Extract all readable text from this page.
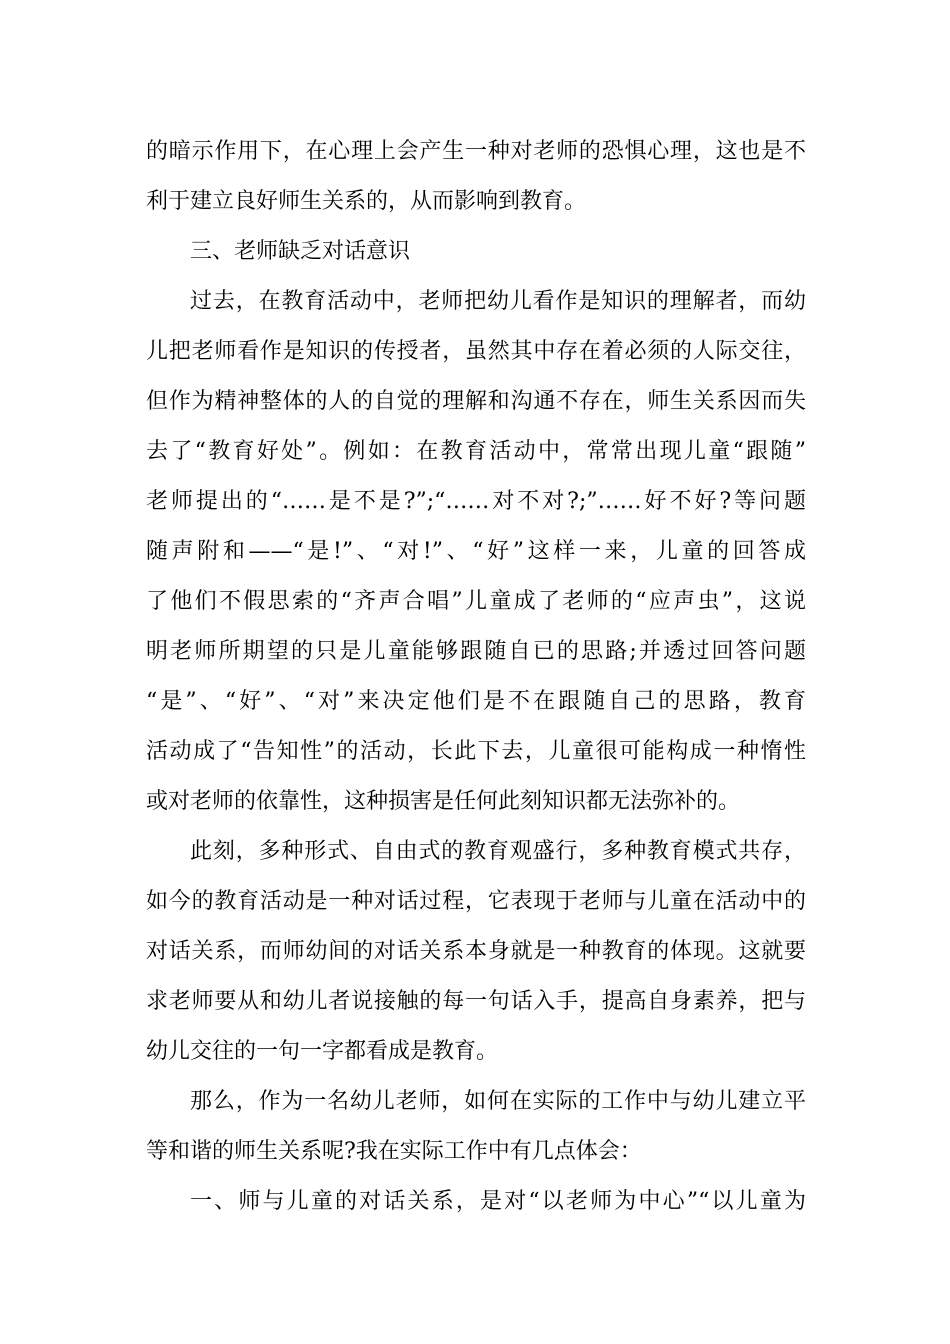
的暗示作用下，在心理上会产生一种对老师的恐惧心理，这也是不
利于建立良好师生关系的，从而影响到教育。
三、老师缺乏对话意识
过去，在教育活动中，老师把幼儿看作是知识的理解者，而幼
儿把老师看作是知识的传授者，虽然其中存在着必须的人际交往，
但作为精神整体的人的自觉的理解和沟通不存在，师生关系因而失
去了“教育好处”。例如：在教育活动中，常常出现儿童“跟随”
老师提出的“……是不是?”;“……对不对?;”……好不好?等问题
随声附和——“是!”、“对!”、“好”这样一来，儿童的回答成
了他们不假思索的“齐声合唱”儿童成了老师的“应声虫”，这说
明老师所期望的只是儿童能够跟随自已的思路;并透过回答问题
“是”、“好”、“对”来决定他们是不在跟随自己的思路，教育
活动成了“告知性”的活动，长此下去，儿童很可能构成一种惰性
或对老师的依靠性，这种损害是任何此刻知识都无法弥补的。
此刻，多种形式、自由式的教育观盛行，多种教育模式共存，
如今的教育活动是一种对话过程，它表现于老师与儿童在活动中的
对话关系，而师幼间的对话关系本身就是一种教育的体现。这就要
求老师要从和幼儿者说接触的每一句话入手，提高自身素养，把与
幼儿交往的一句一字都看成是教育。
那么，作为一名幼儿老师，如何在实际的工作中与幼儿建立平
等和谐的师生关系呢?我在实际工作中有几点体会：
一、师与儿童的对话关系，是对“以老师为中心”“以儿童为
